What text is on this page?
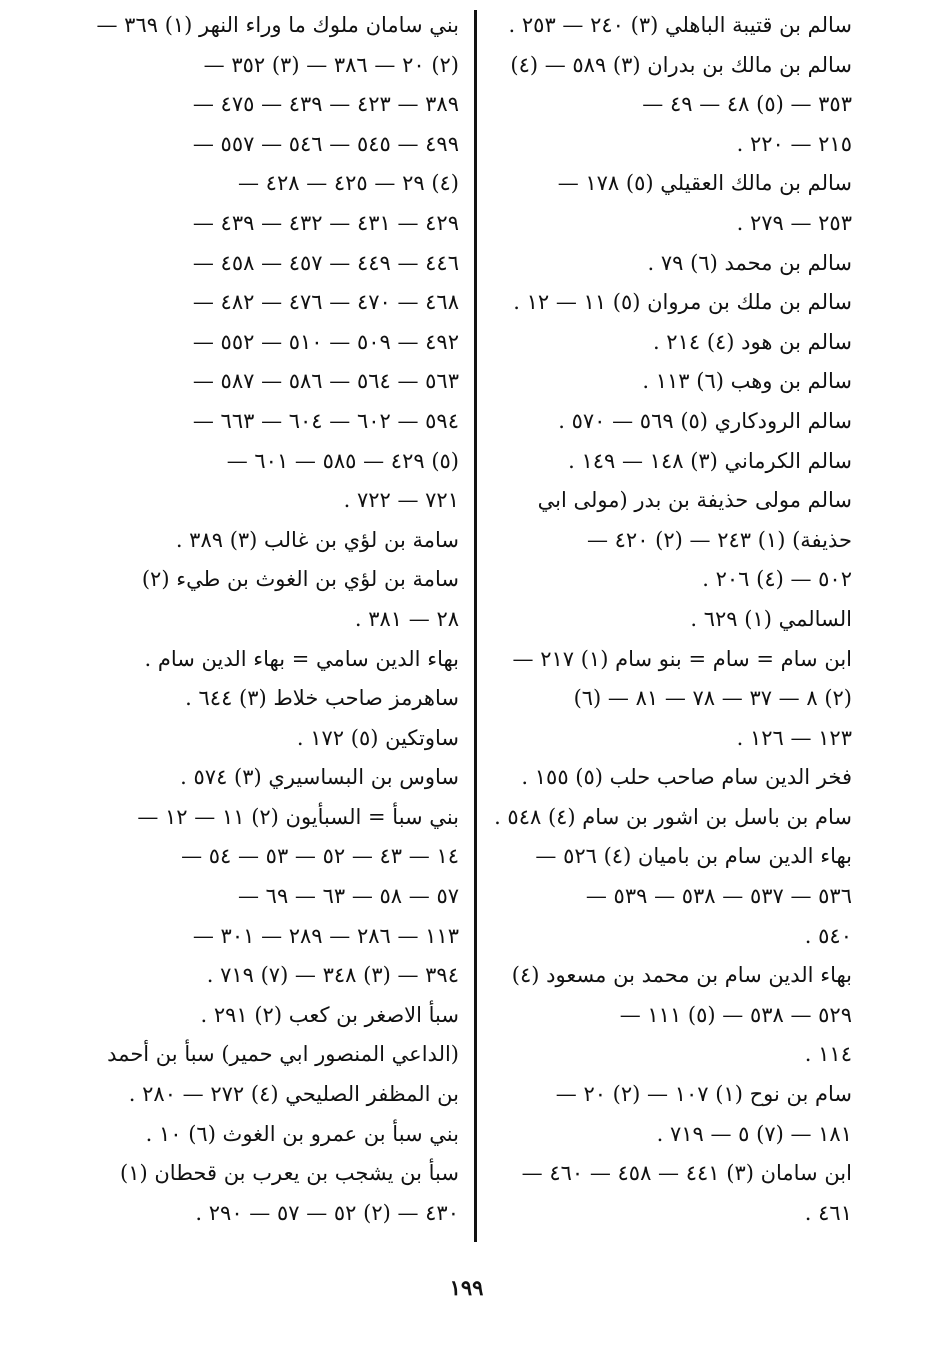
سالم بن قتيبة الباهلي (٣) ٢٤٠ — ٢٥٣ .
سالم بن مالك بن بدران (٣) ٥٨٩ — (٤)
٣٥٣ — (٥) ٤٨ — ٤٩ —
٢١٥ — ٢٢٠ .
سالم بن مالك العقيلي (٥) ١٧٨ —
٢٥٣ — ٢٧٩ .
سالم بن محمد (٦) ٧٩ .
سالم بن ملك بن مروان (٥) ١١ — ١٢ .
سالم بن هود (٤) ٢١٤ .
سالم بن وهب (٦) ١١٣ .
سالم الرودكاري (٥) ٥٦٩ — ٥٧٠ .
سالم الكرماني (٣) ١٤٨ — ١٤٩ .
سالم مولى حذيفة بن بدر (مولى ابي
حذيفة) (١) ٢٤٣ — (٢) ٤٢٠ —
٥٠٢ — (٤) ٢٠٦ .
السالمي (١) ٦٢٩ .
ابن سام = سام = بنو سام (١) ٢١٧ —
(٢) ٨ — ٣٧ — ٧٨ — ٨١ — (٦)
١٢٣ — ١٢٦ .
فخر الدين سام صاحب حلب (٥) ١٥٥ .
سام بن باسل بن اشور بن سام (٤) ٥٤٨ .
بهاء الدين سام بن باميان (٤) ٥٢٦ —
٥٣٦ — ٥٣٧ — ٥٣٨ — ٥٣٩ —
٥٤٠ .
بهاء الدين سام بن محمد بن مسعود (٤)
٥٢٩ — ٥٣٨ — (٥) ١١١ —
١١٤ .
سام بن نوح (١) ١٠٧ — (٢) ٢٠ —
١٨١ — (٧) ٥ — ٧١٩ .
ابن سامان (٣) ٤٤١ — ٤٥٨ — ٤٦٠ —
٤٦١ .
بني سامان ملوك ما وراء النهر (١) ٣٦٩ —
(٢) ٢٠ — ٣٨٦ — (٣) ٣٥٢ —
٣٨٩ — ٤٢٣ — ٤٣٩ — ٤٧٥ —
٤٩٩ — ٥٤٥ — ٥٤٦ — ٥٥٧ —
(٤) ٢٩ — ٤٢٥ — ٤٢٨ —
٤٢٩ — ٤٣١ — ٤٣٢ — ٤٣٩ —
٤٤٦ — ٤٤٩ — ٤٥٧ — ٤٥٨ —
٤٦٨ — ٤٧٠ — ٤٧٦ — ٤٨٢ —
٤٩٢ — ٥٠٩ — ٥١٠ — ٥٥٢ —
٥٦٣ — ٥٦٤ — ٥٨٦ — ٥٨٧ —
٥٩٤ — ٦٠٢ — ٦٠٤ — ٦٦٣ —
(٥) ٤٢٩ — ٥٨٥ — ٦٠١ —
٧٢١ — ٧٢٢ .
سامة بن لؤي بن غالب (٣) ٣٨٩ .
سامة بن لؤي بن الغوث بن طيء (٢)
٢٨ — ٣٨١ .
بهاء الدين سامي = بهاء الدين سام .
ساهرمز صاحب خلاط (٣) ٦٤٤ .
ساوتكين (٥) ١٧٢ .
ساوس بن البساسيري (٣) ٥٧٤ .
بني سبأ = السبأيون (٢) ١١ — ١٢ —
١٤ — ٤٣ — ٥٢ — ٥٣ — ٥٤ —
٥٧ — ٥٨ — ٦٣ — ٦٩ —
١١٣ — ٢٨٦ — ٢٨٩ — ٣٠١ —
٣٩٤ — (٣) ٣٤٨ — (٧) ٧١٩ .
سبأ الاصغر بن كعب (٢) ٢٩١ .
(الداعي المنصور ابي حمير) سبأ بن أحمد
بن المظفر الصليحي (٤) ٢٧٢ — ٢٨٠ .
بني سبأ بن عمرو بن الغوث (٦) ١٠ .
سبأ بن يشجب بن يعرب بن قحطان (١)
٤٣٠ — (٢) ٥٢ — ٥٧ — ٢٩٠ .
١٩٩
